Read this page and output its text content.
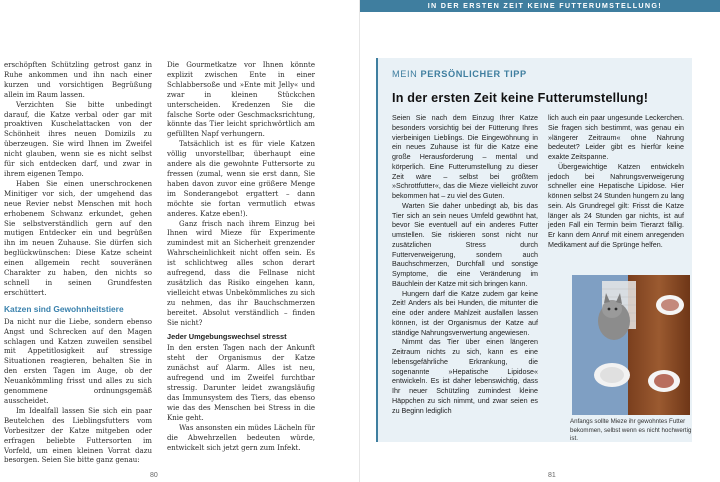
IN DER ERSTEN ZEIT KEINE FUTTERUMSTELLUNG!

erschöpften Schützling getrost ganz in Ruhe ankommen und ihn nach einer kurzen und vorsichtigen Begrüßung allein im Raum lassen.

Verzichten Sie bitte unbedingt darauf, die Katze verbal oder gar mit proaktiven Kuschelattacken von der Schönheit ihres neuen Domizils zu überzeugen. Sie wird Ihnen im Zweifel nicht glauben, wenn sie es nicht selbst für sich entdecken darf, und zwar in ihrem eigenen Tempo.

Haben Sie einen unerschrockenen Minitiger vor sich, der umgehend das neue Revier nebst Menschen mit hoch erhobenem Schwanz erkundet, gehen Sie selbstverständlich gern auf den mutigen Entdecker ein und begrüßen ihn im neuen Zuhause. Sie dürfen sich beglückwünschen: Diese Katze scheint einen allgemein recht souveränen Charakter zu haben, den nichts so schnell in seinen Grundfesten erschüttert.

Katzen sind Gewohnheitstiere

Da nicht nur die Liebe, sondern ebenso Angst und Schrecken auf den Magen schlagen und Katzen zuweilen sensibel mit Appetitlosigkeit auf stressige Situationen reagieren, behalten Sie in den ersten Tagen im Auge, ob der Neuankömmling frisst und alles zu sich genommene ordnungsgemäß ausscheidet.

Im Idealfall lassen Sie sich ein paar Beutelchen des Lieblingsfutters vom Vorbesitzer der Katze mitgeben oder erfragen beliebte Futtersorten im Vorfeld, um einen kleinen Vorrat dazu besorgen. Seien Sie bitte ganz genau:

Die Gourmetkatze vor Ihnen könnte explizit zwischen Ente in einer Schlabbersoße und »Ente mit Jelly« und zwar in kleinen Stückchen unterscheiden. Kredenzen Sie die falsche Sorte oder Geschmacksrichtung, könnte das Tier leicht sprichwörtlich am gefüllten Napf verhungern.

Tatsächlich ist es für viele Katzen völlig unvorstellbar, überhaupt eine andere als die gewohnte Futtersorte zu fressen (zumal, wenn sie erst dann, Sie haben davon zuvor eine größere Menge im Sonderangebot ergattert – dann möchte sie fortan vermutlich etwas anderes. Katze eben!).

Ganz frisch nach ihrem Einzug bei Ihnen wird Mieze für Experimente zumindest mit an Sicherheit grenzender Wahrscheinlichkeit nicht offen sein. Es ist schlichtweg alles schon derart aufregend, dass die Fellnase nicht zusätzlich das Risiko eingehen kann, vielleicht etwas Unbekömmliches zu sich zu nehmen, das ihr Bauchschmerzen bereitet. Absolut verständlich – finden Sie nicht?

Jeder Umgebungswechsel stresst

In den ersten Tagen nach der Ankunft steht der Organismus der Katze zunächst auf Alarm. Alles ist neu, aufregend und im Zweifel furchtbar stressig. Darunter leidet zwangsläufig das Immunsystem des Tiers, das ebenso wie das des Menschen bei Stress in die Knie geht.

Was ansonsten ein müdes Lächeln für die Abwehrzellen bedeuten würde, entwickelt sich jetzt gern zum Infekt.

80
MEIN PERSÖNLICHER TIPP
In der ersten Zeit keine Futterumstellung!

Seien Sie nach dem Einzug Ihrer Katze besonders vorsichtig bei der Fütterung Ihres vierbeinigen Lieblings. Die Eingewöhnung in ein neues Zuhause ist für die Katze eine große Herausforderung – mental und körperlich. Eine Futterumstellung zu dieser Zeit wäre – selbst bei größtem »Schrottfutter«, das die Mieze vielleicht zuvor bekommen hat – zu viel des Guten.

Warten Sie daher unbedingt ab, bis das Tier sich an sein neues Umfeld gewöhnt hat, bevor Sie eventuell auf ein anderes Futter umstellen. Sie riskieren sonst nicht nur zusätzlichen Stress durch Futterverweigerung, sondern auch Bauchschmerzen, Durchfall und sonstige Symptome, die eine Veränderung im Bäuchlein der Katze mit sich bringen kann.

Hungern darf die Katze zudem gar keine Zeit! Anders als bei Hunden, die mitunter die eine oder andere Mahlzeit ausfallen lassen können, ist der Organismus der Katze auf ständige Nahrungsverwertung angewiesen.

Nimmt das Tier über einen längeren Zeitraum nichts zu sich, kann es eine lebensgefährliche Erkrankung, die sogenannte »Hepatische Lipidose« entwickeln. Es ist daher lebenswichtig, dass Ihr neuer Schützling zumindest kleine Häppchen zu sich nimmt, und zwar seien es zu Beginn lediglich

lich auch ein paar ungesunde Leckerchen. Sie fragen sich bestimmt, was genau ein »längerer Zeitraum« ohne Nahrung bedeutet? Leider gibt es hierfür keine exakte Zeitspanne.

Übergewichtige Katzen entwickeln jedoch bei Nahrungsverweigerung schneller eine Hepatische Lipidose. Hier können selbst 24 Stunden hungern zu lang sein. Als Grundregel gilt: Frisst die Katze länger als 24 Stunden gar nichts, ist auf jeden Fall ein Termin beim Tierarzt fällig. Er kann dem Anruf mit einem anregenden Medikament auf die Sprünge helfen.

Anfangs sollte Mieze ihr gewohntes Futter bekommen, selbst wenn es nicht hochwertig ist.
81
